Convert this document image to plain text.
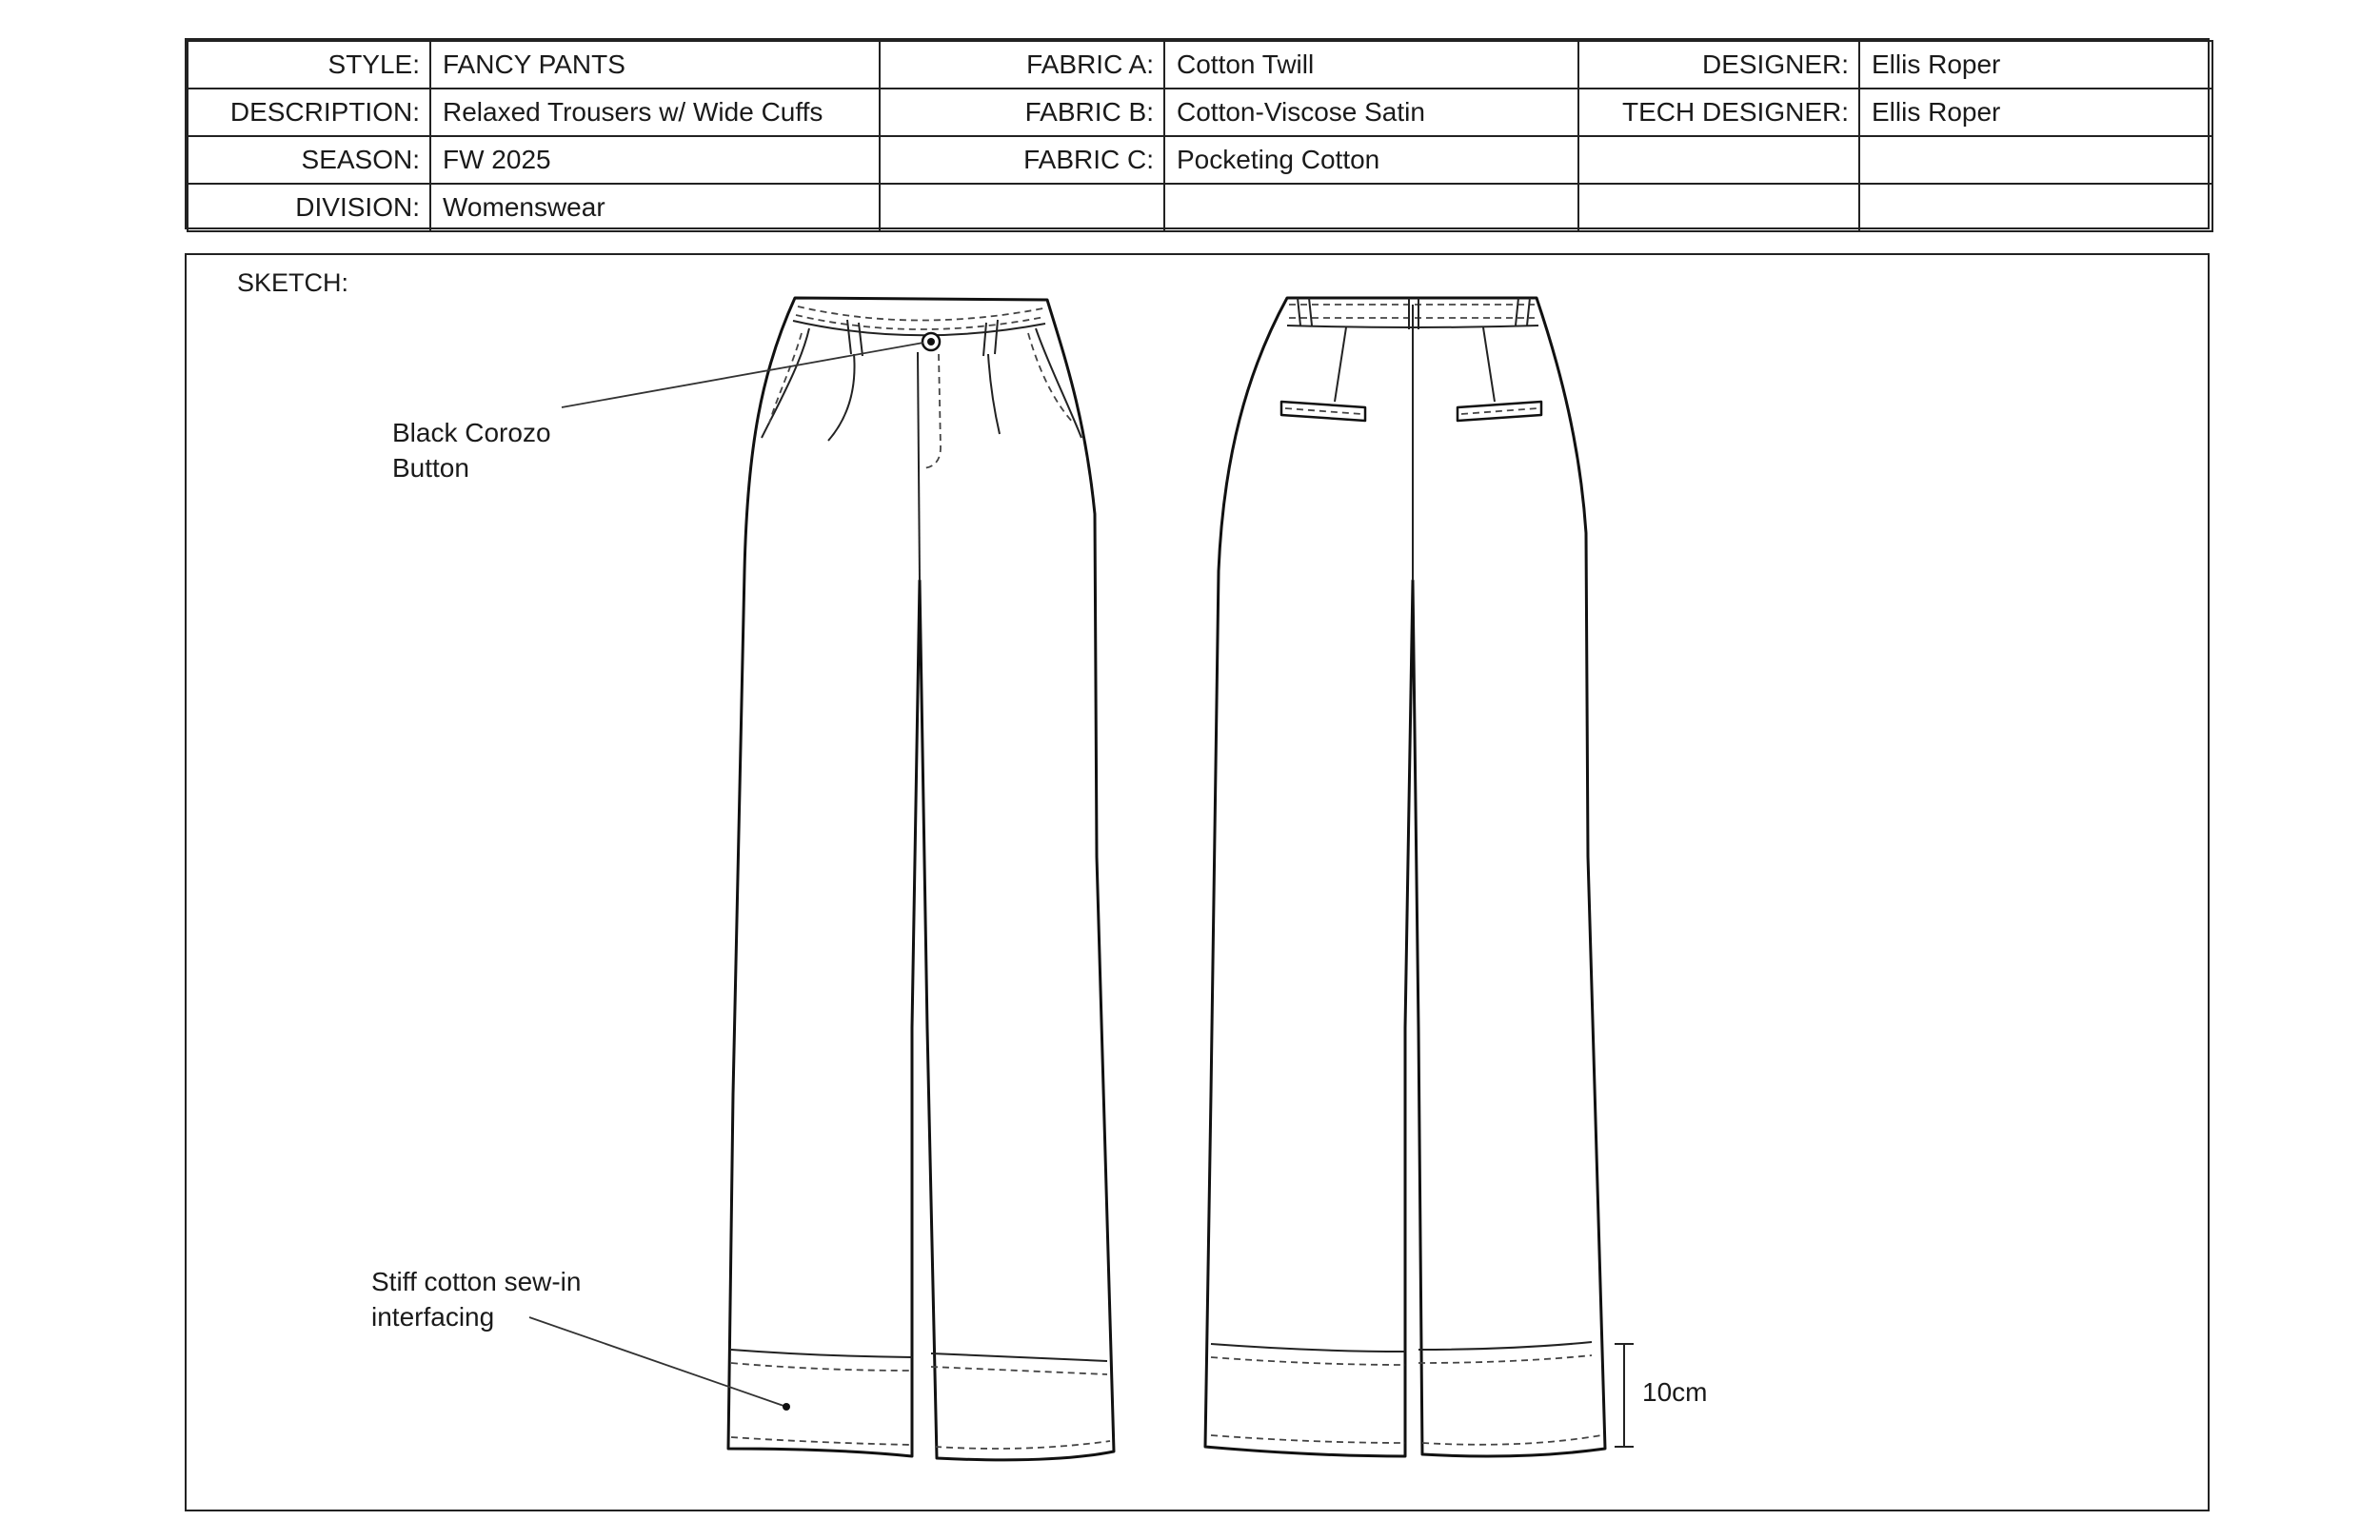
STYLE:	FANCY PANTS	FABRIC A:	Cotton Twill	DESIGNER:	Ellis Roper
DESCRIPTION:	Relaxed Trousers w/ Wide Cuffs	FABRIC B:	Cotton-Viscose Satin	TECH DESIGNER:	Ellis Roper
SEASON:	FW 2025	FABRIC C:	Pocketing Cotton		
DIVISION:	Womenswear				
SKETCH:
Black Corozo
Button
Stiff cotton sew-in
interfacing
10cm
